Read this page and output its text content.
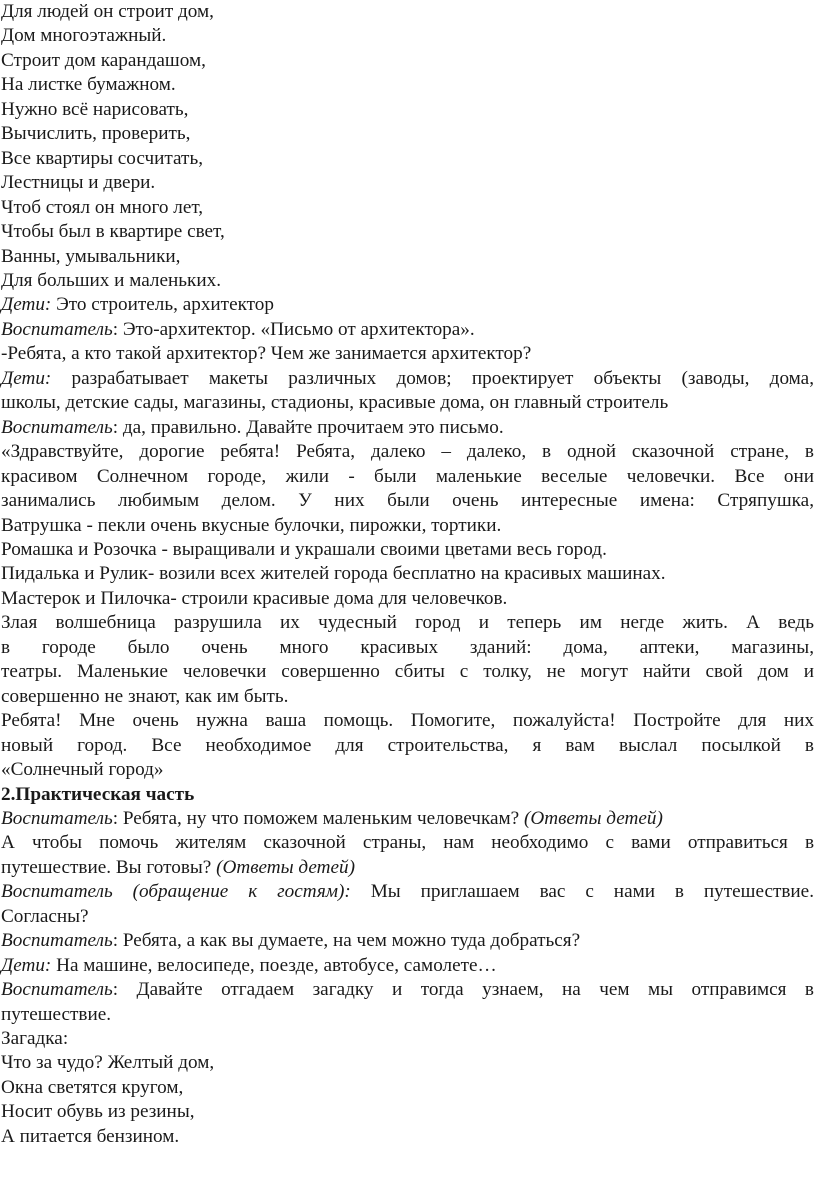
Для людей он строит дом,
Дом многоэтажный.
Строит дом карандашом,
На листке бумажном.
Нужно всё нарисовать,
Вычислить, проверить,
Все квартиры сосчитать,
Лестницы и двери.
Чтоб стоял он много лет,
Чтобы был в квартире свет,
Ванны, умывальники,
Для больших и маленьких.
Дети: Это строитель, архитектор
Воспитатель: Это-архитектор. «Письмо от архитектора».
-Ребята, а кто такой архитектор? Чем же занимается архитектор?
Дети: разрабатывает макеты различных домов; проектирует объекты (заводы, дома,
школы, детские сады, магазины, стадионы, красивые дома, он главный строитель
Воспитатель: да, правильно. Давайте прочитаем это письмо.
«Здравствуйте, дорогие ребята! Ребята, далеко – далеко, в одной сказочной стране, в
красивом Солнечном городе, жили - были маленькие веселые человечки. Все они
занимались любимым делом. У них были очень интересные имена: Стряпушка,
Ватрушка - пекли очень вкусные булочки, пирожки, тортики.
Ромашка и Розочка - выращивали и украшали своими цветами весь город.
Пидалька и Рулик- возили всех жителей города бесплатно на красивых машинах.
Мастерок и Пилочка- строили красивые дома для человечков.
Злая волшебница разрушила их чудесный город и теперь им негде жить. А ведь
в городе было очень много красивых зданий: дома, аптеки, магазины,
театры. Маленькие человечки совершенно сбиты с толку, не могут найти свой дом и
совершенно не знают, как им быть.
Ребята! Мне очень нужна ваша помощь. Помогите, пожалуйста! Постройте для них
новый город. Все необходимое для строительства, я вам выслал посылкой в
«Солнечный город»
2.Практическая часть
Воспитатель: Ребята, ну что поможем маленьким человечкам? (Ответы детей)
А чтобы помочь жителям сказочной страны, нам необходимо с вами отправиться в
путешествие. Вы готовы? (Ответы детей)
Воспитатель (обращение к гостям): Мы приглашаем вас с нами в путешествие.
Согласны?
Воспитатель: Ребята, а как вы думаете, на чем можно туда добраться?
Дети: На машине, велосипеде, поезде, автобусе, самолете…
Воспитатель: Давайте отгадаем загадку и тогда узнаем, на чем мы отправимся в
путешествие.
Загадка:
Что за чудо? Желтый дом,
Окна светятся кругом,
Носит обувь из резины,
А питается бензином.
